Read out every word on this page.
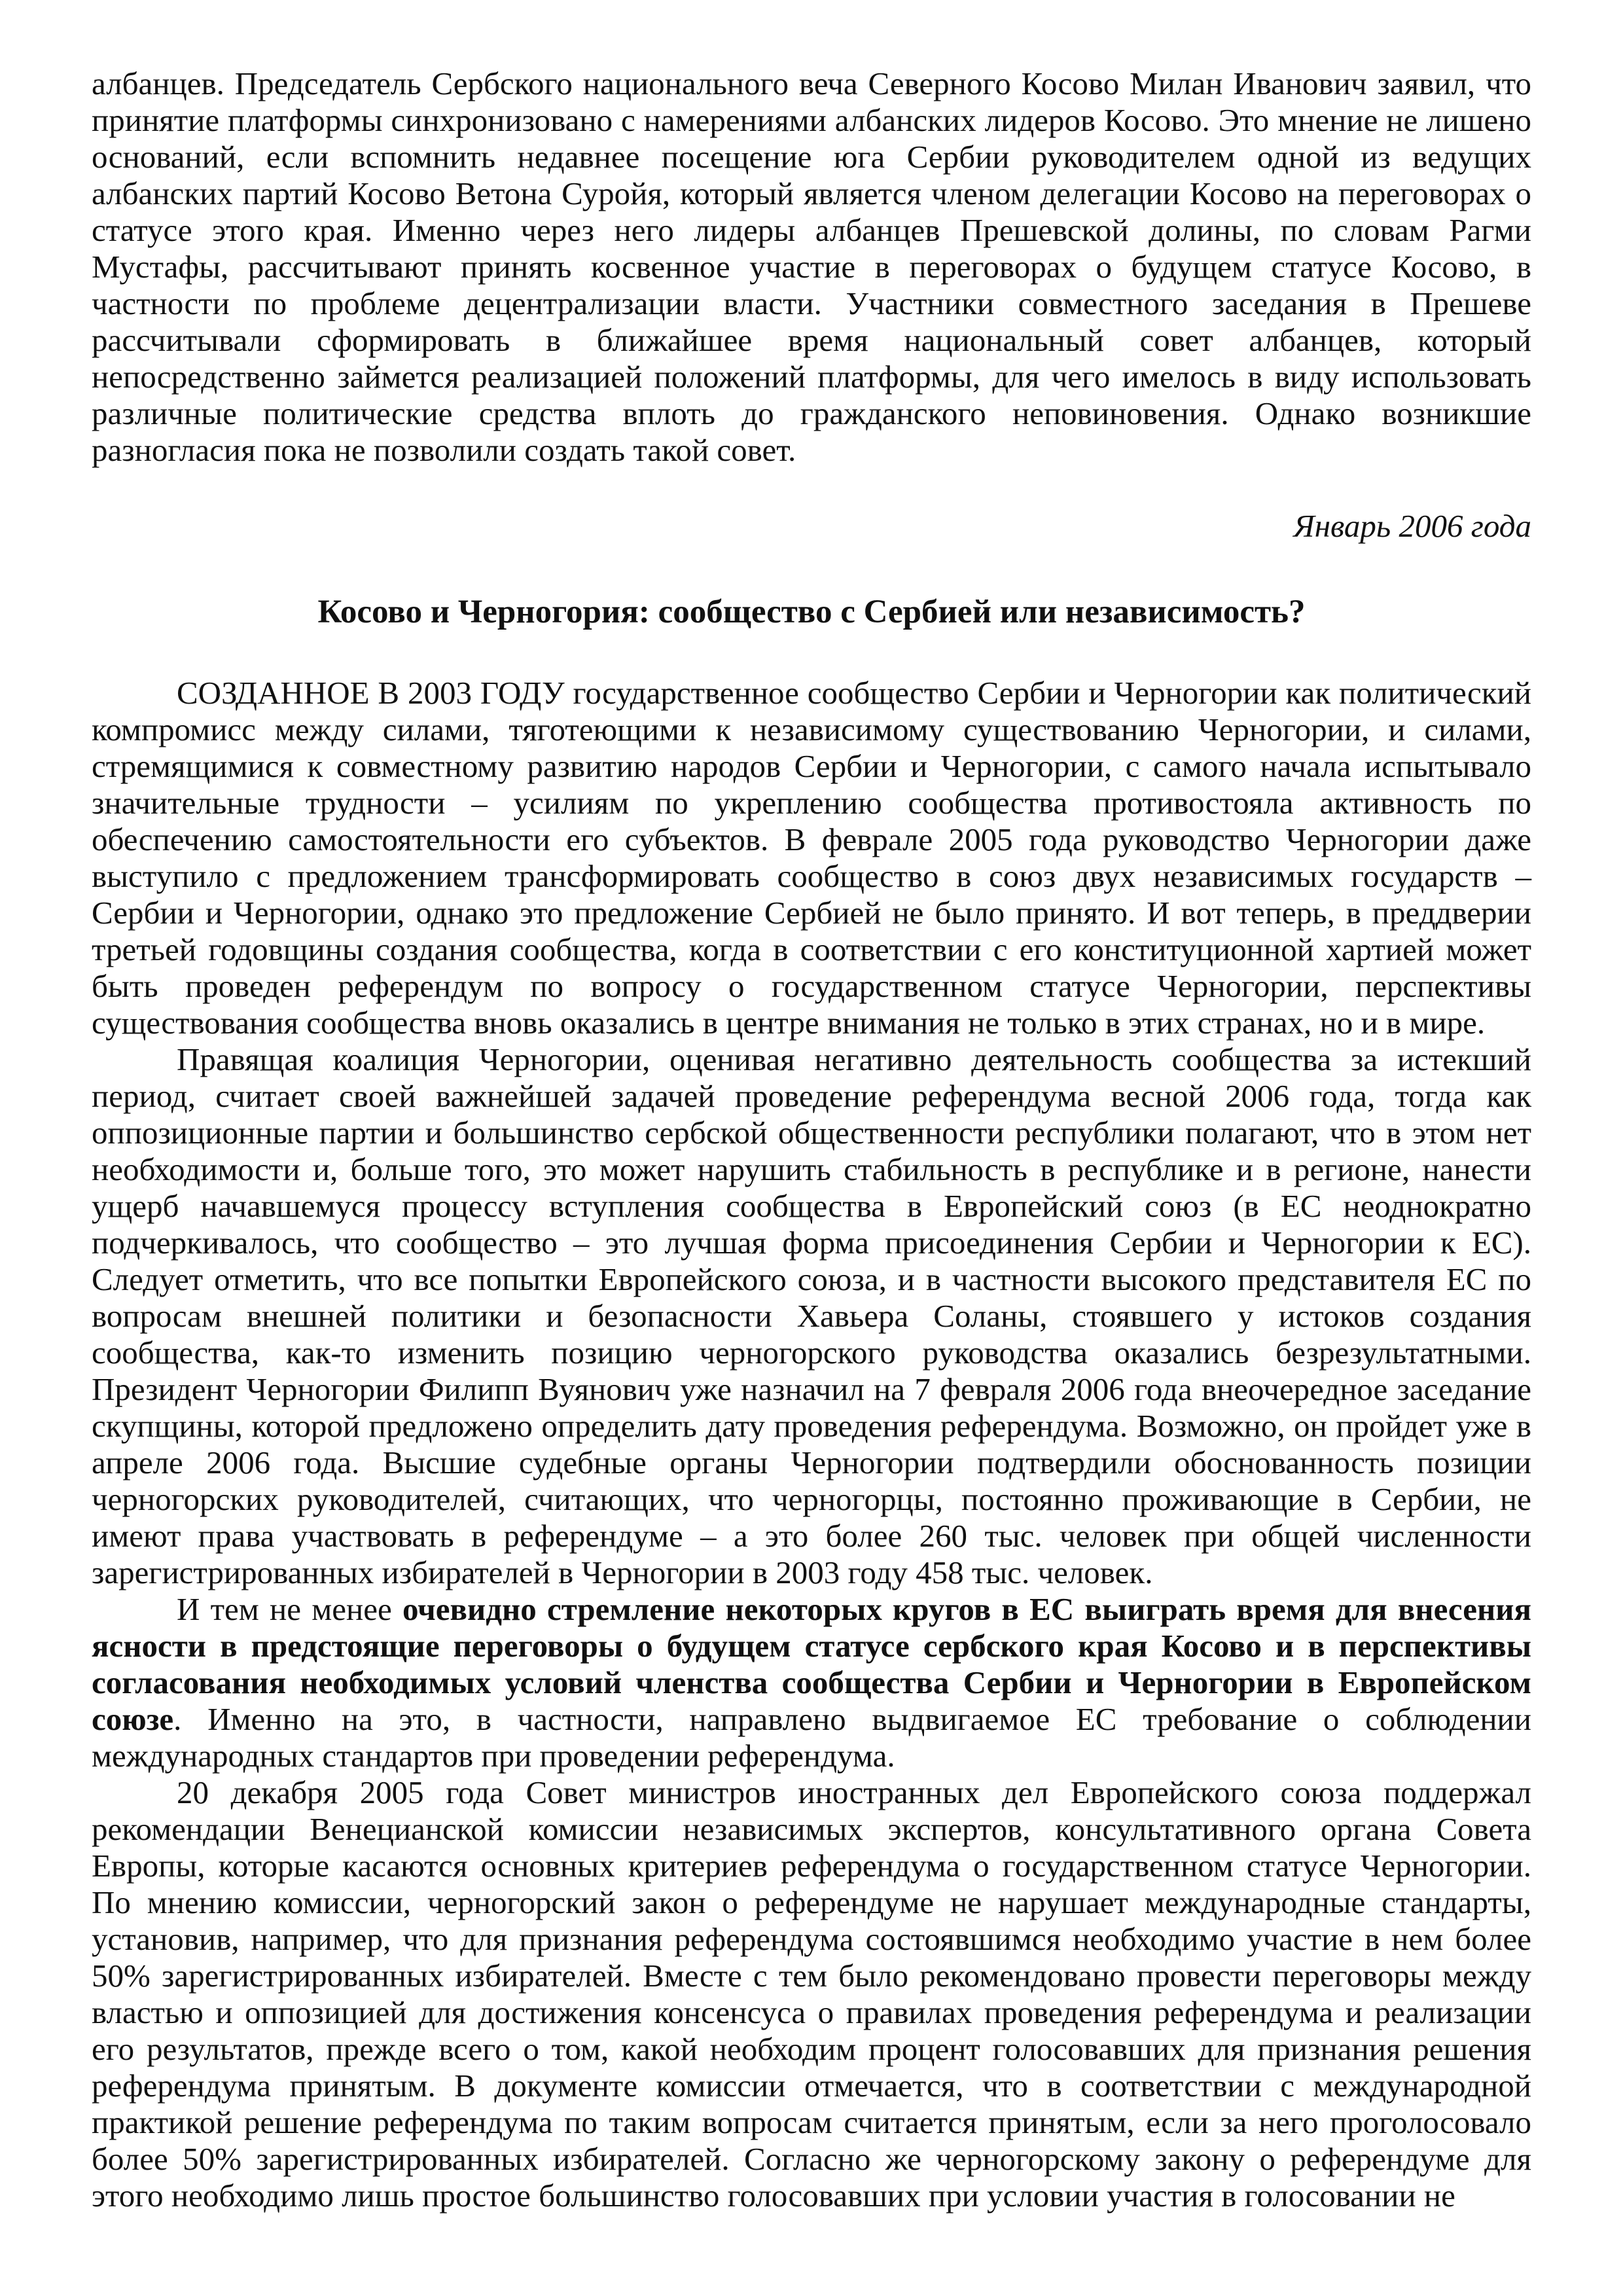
албанцев. Председатель Сербского национального веча Северного Косово Милан Иванович заявил, что принятие платформы синхронизовано с намерениями албанских лидеров Косово. Это мнение не лишено оснований, если вспомнить недавнее посещение юга Сербии руководителем одной из ведущих албанских партий Косово Ветона Суройя, который является членом делегации Косово на переговорах о статусе этого края. Именно через него лидеры албанцев Прешевской долины, по словам Рагми Мустафы, рассчитывают принять косвенное участие в переговорах о будущем статусе Косово, в частности по проблеме децентрализации власти. Участники совместного заседания в Прешеве рассчитывали сформировать в ближайшее время национальный совет албанцев, который непосредственно займется реализацией положений платформы, для чего имелось в виду использовать различные политические средства вплоть до гражданского неповиновения. Однако возникшие разногласия пока не позволили создать такой совет.

Январь 2006 года

Косово и Черногория: сообщество с Сербией или независимость?

СОЗДАННОЕ В 2003 ГОДУ государственное сообщество Сербии и Черногории как политический компромисс между силами, тяготеющими к независимому существованию Черногории, и силами, стремящимися к совместному развитию народов Сербии и Черногории, с самого начала испытывало значительные трудности – усилиям по укреплению сообщества противостояла активность по обеспечению самостоятельности его субъектов. В феврале 2005 года руководство Черногории даже выступило с предложением трансформировать сообщество в союз двух независимых государств – Сербии и Черногории, однако это предложение Сербией не было принято. И вот теперь, в преддверии третьей годовщины создания сообщества, когда в соответствии с его конституционной хартией может быть проведен референдум по вопросу о государственном статусе Черногории, перспективы существования сообщества вновь оказались в центре внимания не только в этих странах, но и в мире.

Правящая коалиция Черногории, оценивая негативно деятельность сообщества за истекший период, считает своей важнейшей задачей проведение референдума весной 2006 года, тогда как оппозиционные партии и большинство сербской общественности республики полагают, что в этом нет необходимости и, больше того, это может нарушить стабильность в республике и в регионе, нанести ущерб начавшемуся процессу вступления сообщества в Европейский союз (в ЕС неоднократно подчеркивалось, что сообщество – это лучшая форма присоединения Сербии и Черногории к ЕС). Следует отметить, что все попытки Европейского союза, и в частности высокого представителя ЕС по вопросам внешней политики и безопасности Хавьера Соланы, стоявшего у истоков создания сообщества, как-то изменить позицию черногорского руководства оказались безрезультатными. Президент Черногории Филипп Вуянович уже назначил на 7 февраля 2006 года внеочередное заседание скупщины, которой предложено определить дату проведения референдума. Возможно, он пройдет уже в апреле 2006 года. Высшие судебные органы Черногории подтвердили обоснованность позиции черногорских руководителей, считающих, что черногорцы, постоянно проживающие в Сербии, не имеют права участвовать в референдуме – а это более 260 тыс. человек при общей численности зарегистрированных избирателей в Черногории в 2003 году 458 тыс. человек.

И тем не менее очевидно стремление некоторых кругов в ЕС выиграть время для внесения ясности в предстоящие переговоры о будущем статусе сербского края Косово и в перспективы согласования необходимых условий членства сообщества Сербии и Черногории в Европейском союзе. Именно на это, в частности, направлено выдвигаемое ЕС требование о соблюдении международных стандартов при проведении референдума.

20 декабря 2005 года Совет министров иностранных дел Европейского союза поддержал рекомендации Венецианской комиссии независимых экспертов, консультативного органа Совета Европы, которые касаются основных критериев референдума о государственном статусе Черногории. По мнению комиссии, черногорский закон о референдуме не нарушает международные стандарты, установив, например, что для признания референдума состоявшимся необходимо участие в нем более 50% зарегистрированных избирателей. Вместе с тем было рекомендовано провести переговоры между властью и оппозицией для достижения консенсуса о правилах проведения референдума и реализации его результатов, прежде всего о том, какой необходим процент голосовавших для признания решения референдума принятым. В документе комиссии отмечается, что в соответствии с международной практикой решение референдума по таким вопросам считается принятым, если за него проголосовало более 50% зарегистрированных избирателей. Согласно же черногорскому закону о референдуме для этого необходимо лишь простое большинство голосовавших при условии участия в голосовании не
